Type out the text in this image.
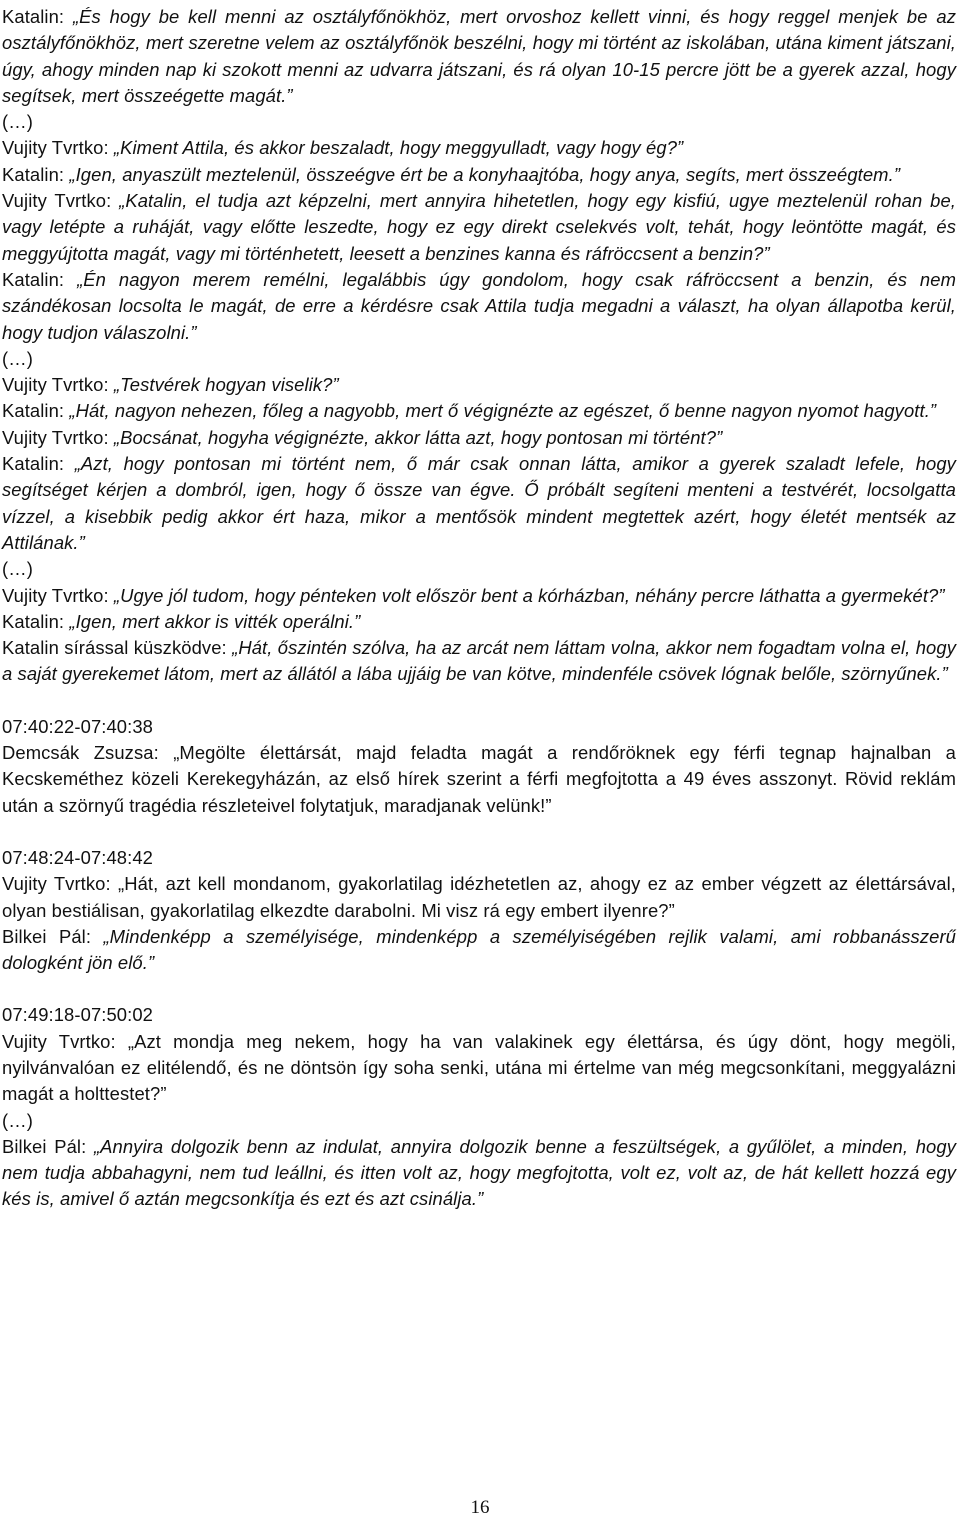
Katalin: „És hogy be kell menni az osztályfőnökhöz, mert orvoshoz kellett vinni, és hogy reggel menjek be az osztályfőnökhöz, mert szeretne velem az osztályfőnök beszélni, hogy mi történt az iskolában, utána kiment játszani, úgy, ahogy minden nap ki szokott menni az udvarra játszani, és rá olyan 10-15 percre jött be a gyerek azzal, hogy segítsek, mert összeégette magát.”

(…)

Vujity Tvrtko: „Kiment Attila, és akkor beszaladt, hogy meggyulladt, vagy hogy ég?”

Katalin: „Igen, anyaszült meztelenül, összeégve ért be a konyhaajtóba, hogy anya, segíts, mert összeégtem.”

Vujity Tvrtko: „Katalin, el tudja azt képzelni, mert annyira hihetetlen, hogy egy kisfiú, ugye meztelenül rohan be, vagy letépte a ruháját, vagy előtte leszedte, hogy ez egy direkt cselekvés volt, tehát, hogy leöntötte magát, és meggyújtotta magát, vagy mi történhetett, leesett a benzines kanna és ráfröccsent a benzin?”

Katalin: „Én nagyon merem remélni, legalábbis úgy gondolom, hogy csak ráfröccsent a benzin, és nem szándékosan locsolta le magát, de erre a kérdésre csak Attila tudja megadni a választ, ha olyan állapotba kerül, hogy tudjon válaszolni.”

(…)

Vujity Tvrtko: „Testvérek hogyan viselik?”

Katalin: „Hát, nagyon nehezen, főleg a nagyobb, mert ő végignézte az egészet, ő benne nagyon nyomot hagyott.”

Vujity Tvrtko: „Bocsánat, hogyha végignézte, akkor látta azt, hogy pontosan mi történt?”

Katalin: „Azt, hogy pontosan mi történt nem, ő már csak onnan látta, amikor a gyerek szaladt lefele, hogy segítséget kérjen a dombról, igen, hogy ő össze van égve. Ő próbált segíteni menteni a testvérét, locsolgatta vízzel, a kisebbik pedig akkor ért haza, mikor a mentősök mindent megtettek azért, hogy életét mentsék az Attilának.”

(…)

Vujity Tvrtko: „Ugye jól tudom, hogy pénteken volt először bent a kórházban, néhány percre láthatta a gyermekét?”

Katalin: „Igen, mert akkor is vitték operálni.”

Katalin sírással küszködve: „Hát, őszintén szólva, ha az arcát nem láttam volna, akkor nem fogadtam volna el, hogy a saját gyerekemet látom, mert az állától a lába ujjáig be van kötve, mindenféle csövek lógnak belőle, szörnyűnek.”

07:40:22-07:40:38

Demcsák Zsuzsa: „Megölte élettársát, majd feladta magát a rendőröknek egy férfi tegnap hajnalban a Kecskeméthez közeli Kerekegyházán, az első hírek szerint a férfi megfojtotta a 49 éves asszonyt. Rövid reklám után a szörnyű tragédia részleteivel folytatjuk, maradjanak velünk!”

07:48:24-07:48:42

Vujity Tvrtko: „Hát, azt kell mondanom, gyakorlatilag idézhetetlen az, ahogy ez az ember végzett az élettársával, olyan bestiálisan, gyakorlatilag elkezdte darabolni. Mi visz rá egy embert ilyenre?”

Bilkei Pál: „Mindenképp a személyisége, mindenképp a személyiségében rejlik valami, ami robbanásszerű dologként jön elő.”

07:49:18-07:50:02

Vujity Tvrtko: „Azt mondja meg nekem, hogy ha van valakinek egy élettársa, és úgy dönt, hogy megöli, nyilvánvalóan ez elitélendő, és ne döntsön így soha senki, utána mi értelme van még megcsonkítani, meggyalázni magát a holttestet?”

(…)

Bilkei Pál: „Annyira dolgozik benn az indulat, annyira dolgozik benne a feszültségek, a gyűlölet, a minden, hogy nem tudja abbahagyni, nem tud leállni, és itten volt az, hogy megfojtotta, volt ez, volt az, de hát kellett hozzá egy kés is, amivel ő aztán megcsonkítja és ezt és azt csinálja.”

16
